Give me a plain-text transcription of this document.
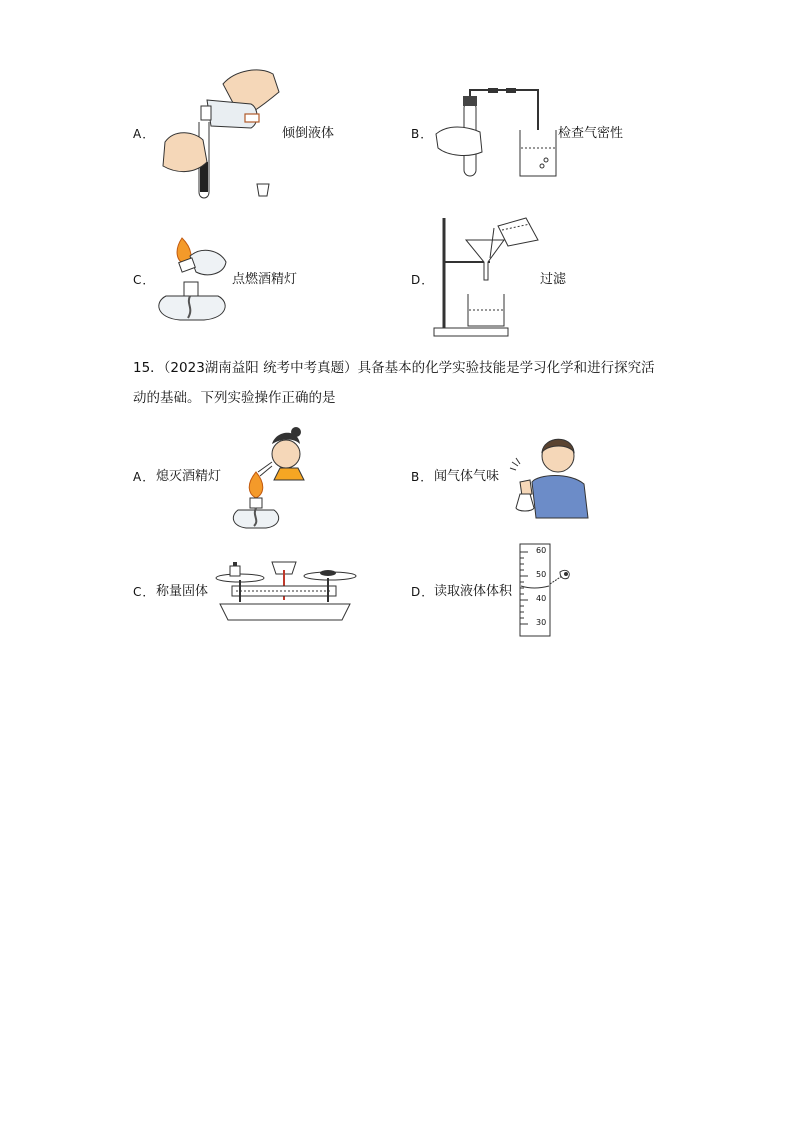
A．	倾倒液体	B．	检查气密性
C．	点燃酒精灯	D．	过滤
15．（2023湖南益阳 统考中考真题）具备基本的化学实验技能是学习化学和进行探究活
动的基础。下列实验操作正确的是
A． 熄灭酒精灯	B． 闻气体气味
C． 称量固体	D． 读取液体体积
60
50
40
30
